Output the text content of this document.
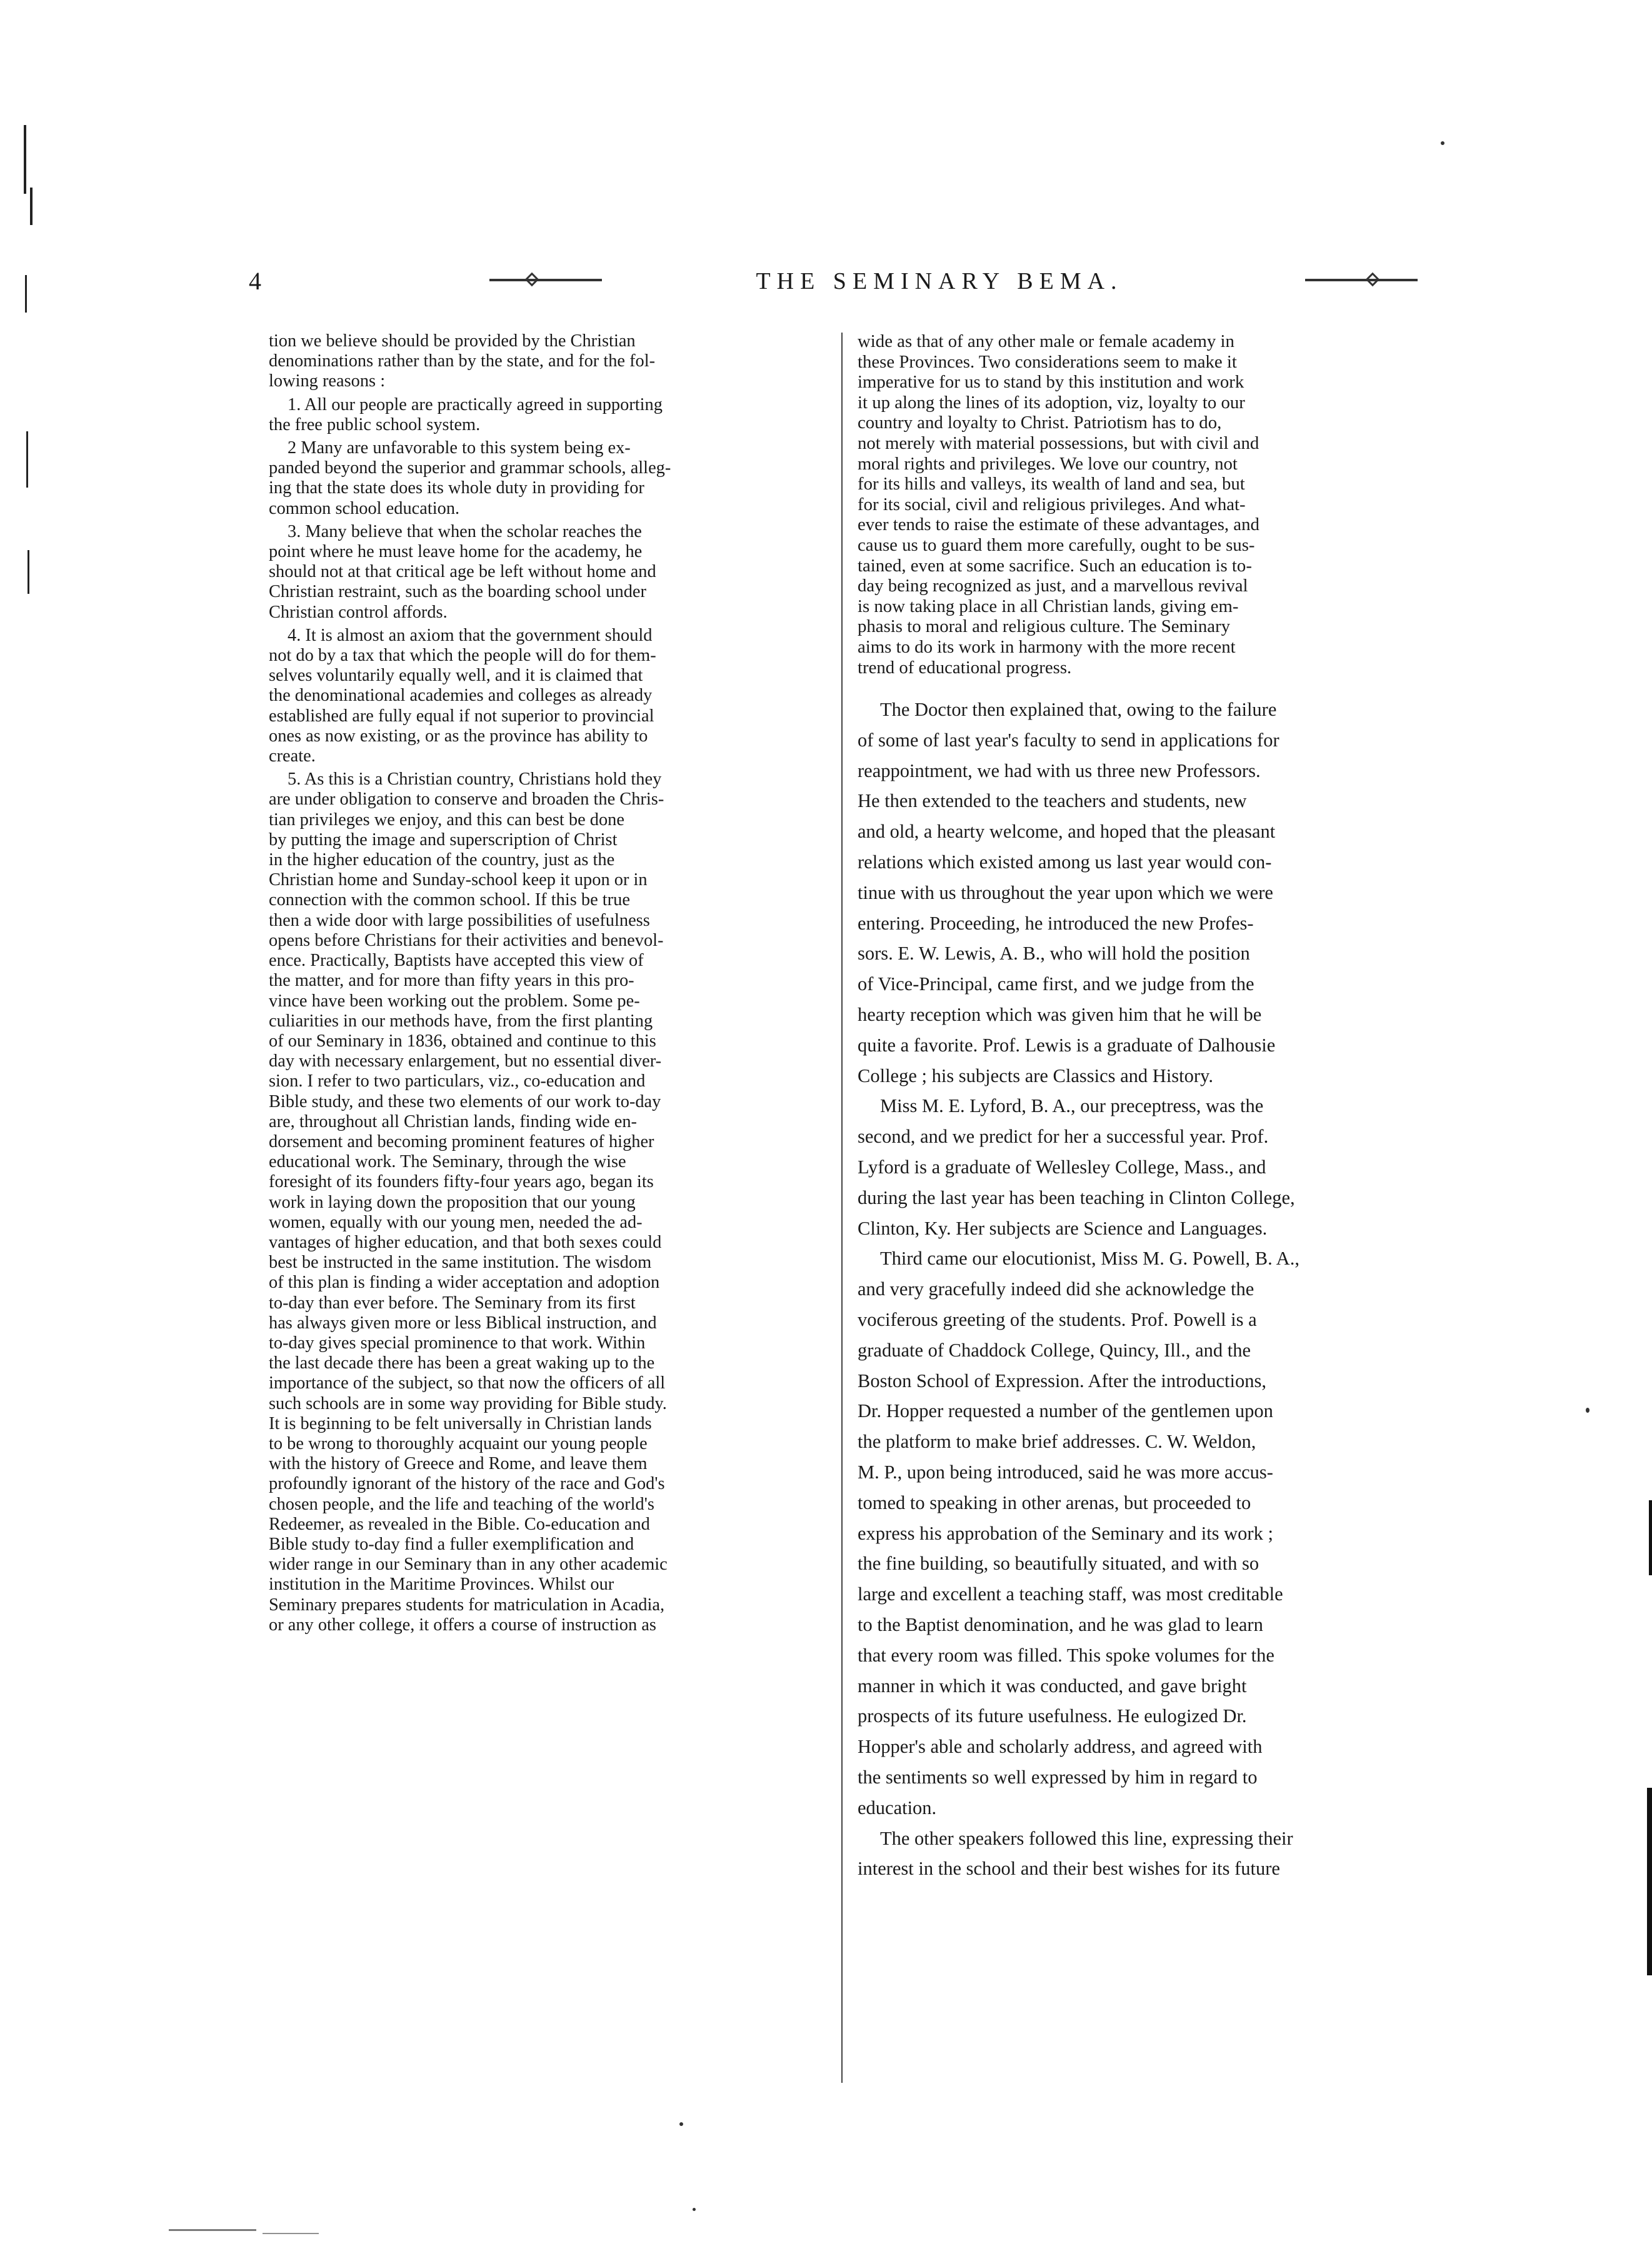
4	THE SEMINARY BEMA.

tion we believe should be provided by the Christian
denominations rather than by the state, and for the fol-
lowing reasons :

1. All our people are practically agreed in supporting
the free public school system.

2 Many are unfavorable to this system being ex-
panded beyond the superior and grammar schools, alleg-
ing that the state does its whole duty in providing for
common school education.

3. Many believe that when the scholar reaches the
point where he must leave home for the academy, he
should not at that critical age be left without home and
Christian restraint, such as the boarding school under
Christian control affords.

4. It is almost an axiom that the government should
not do by a tax that which the people will do for them-
selves voluntarily equally well, and it is claimed that
the denominational academies and colleges as already
established are fully equal if not superior to provincial
ones as now existing, or as the province has ability to
create.

5. As this is a Christian country, Christians hold they
are under obligation to conserve and broaden the Chris-
tian privileges we enjoy, and this can best be done
by putting the image and superscription of Christ
in the higher education of the country, just as the
Christian home and Sunday-school keep it upon or in
connection with the common school. If this be true
then a wide door with large possibilities of usefulness
opens before Christians for their activities and benevol-
ence. Practically, Baptists have accepted this view of
the matter, and for more than fifty years in this pro-
vince have been working out the problem. Some pe-
culiarities in our methods have, from the first planting
of our Seminary in 1836, obtained and continue to this
day with necessary enlargement, but no essential diver-
sion. I refer to two particulars, viz., co-education and
Bible study, and these two elements of our work to-day
are, throughout all Christian lands, finding wide en-
dorsement and becoming prominent features of higher
educational work. The Seminary, through the wise
foresight of its founders fifty-four years ago, began its
work in laying down the proposition that our young
women, equally with our young men, needed the ad-
vantages of higher education, and that both sexes could
best be instructed in the same institution. The wisdom
of this plan is finding a wider acceptation and adoption
to-day than ever before. The Seminary from its first
has always given more or less Biblical instruction, and
to-day gives special prominence to that work. Within
the last decade there has been a great waking up to the
importance of the subject, so that now the officers of all
such schools are in some way providing for Bible study.
It is beginning to be felt universally in Christian lands
to be wrong to thoroughly acquaint our young people
with the history of Greece and Rome, and leave them
profoundly ignorant of the history of the race and God's
chosen people, and the life and teaching of the world's
Redeemer, as revealed in the Bible. Co-education and
Bible study to-day find a fuller exemplification and
wider range in our Seminary than in any other academic
institution in the Maritime Provinces. Whilst our
Seminary prepares students for matriculation in Acadia,
or any other college, it offers a course of instruction as

wide as that of any other male or female academy in
these Provinces. Two considerations seem to make it
imperative for us to stand by this institution and work
it up along the lines of its adoption, viz, loyalty to our
country and loyalty to Christ. Patriotism has to do,
not merely with material possessions, but with civil and
moral rights and privileges. We love our country, not
for its hills and valleys, its wealth of land and sea, but
for its social, civil and religious privileges. And what-
ever tends to raise the estimate of these advantages, and
cause us to guard them more carefully, ought to be sus-
tained, even at some sacrifice. Such an education is to-
day being recognized as just, and a marvellous revival
is now taking place in all Christian lands, giving em-
phasis to moral and religious culture. The Seminary
aims to do its work in harmony with the more recent
trend of educational progress.

The Doctor then explained that, owing to the failure
of some of last year's faculty to send in applications for
reappointment, we had with us three new Professors.
He then extended to the teachers and students, new
and old, a hearty welcome, and hoped that the pleasant
relations which existed among us last year would con-
tinue with us throughout the year upon which we were
entering. Proceeding, he introduced the new Profes-
sors. E. W. Lewis, A. B., who will hold the position
of Vice-Principal, came first, and we judge from the
hearty reception which was given him that he will be
quite a favorite. Prof. Lewis is a graduate of Dalhousie
College ; his subjects are Classics and History.

Miss M. E. Lyford, B. A., our preceptress, was the
second, and we predict for her a successful year. Prof.
Lyford is a graduate of Wellesley College, Mass., and
during the last year has been teaching in Clinton College,
Clinton, Ky. Her subjects are Science and Languages.

Third came our elocutionist, Miss M. G. Powell, B. A.,
and very gracefully indeed did she acknowledge the
vociferous greeting of the students. Prof. Powell is a
graduate of Chaddock College, Quincy, Ill., and the
Boston School of Expression. After the introductions,
Dr. Hopper requested a number of the gentlemen upon
the platform to make brief addresses. C. W. Weldon,
M. P., upon being introduced, said he was more accus-
tomed to speaking in other arenas, but proceeded to
express his approbation of the Seminary and its work ;
the fine building, so beautifully situated, and with so
large and excellent a teaching staff, was most creditable
to the Baptist denomination, and he was glad to learn
that every room was filled. This spoke volumes for the
manner in which it was conducted, and gave bright
prospects of its future usefulness. He eulogized Dr.
Hopper's able and scholarly address, and agreed with
the sentiments so well expressed by him in regard to
education.

The other speakers followed this line, expressing their
interest in the school and their best wishes for its future
